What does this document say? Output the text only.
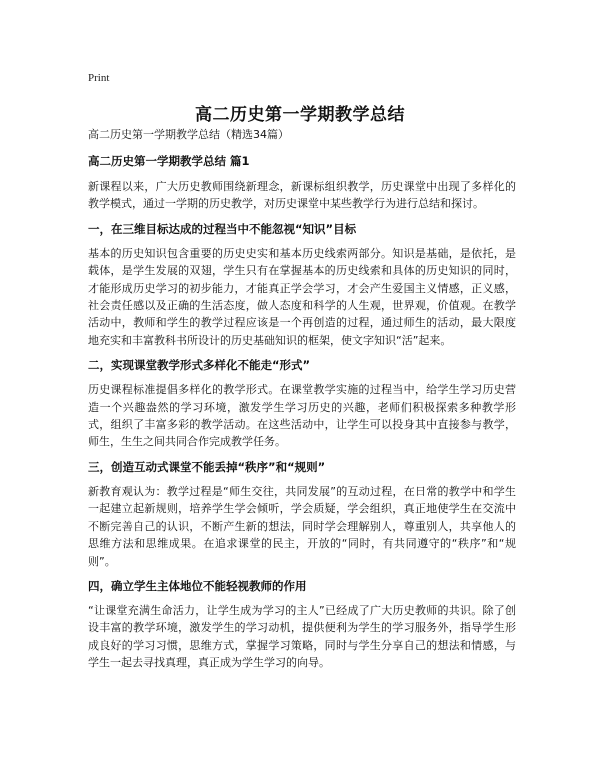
Print
高二历史第一学期教学总结

高二历史第一学期教学总结（精选34篇）

高二历史第一学期教学总结 篇1

新课程以来，广大历史教师围绕新理念，新课标组织教学，历史课堂中出现了多样化的教学模式，通过一学期的历史教学，对历史课堂中某些教学行为进行总结和探讨。

一，在三维目标达成的过程当中不能忽视“知识”目标

基本的历史知识包含重要的历史史实和基本历史线索两部分。知识是基础，是依托，是载体，是学生发展的双翅，学生只有在掌握基本的历史线索和具体的历史知识的同时，才能形成历史学习的初步能力，才能真正学会学习，才会产生爱国主义情感，正义感，社会责任感以及正确的生活态度，做人态度和科学的人生观，世界观，价值观。在教学活动中，教师和学生的教学过程应该是一个再创造的过程，通过师生的活动，最大限度地充实和丰富教科书所设计的历史基础知识的框架，使文字知识“活”起来。

二，实现课堂教学形式多样化不能走“形式”

历史课程标准提倡多样化的教学形式。在课堂教学实施的过程当中，给学生学习历史营造一个兴趣盎然的学习环境，激发学生学习历史的兴趣，老师们积极探索多种教学形式，组织了丰富多彩的教学活动。在这些活动中，让学生可以投身其中直接参与教学，师生，生生之间共同合作完成教学任务。

三，创造互动式课堂不能丢掉“秩序”和“规则”

新教育观认为：教学过程是“师生交往，共同发展”的互动过程，在日常的教学中和学生一起建立起新规则，培养学生学会倾听，学会质疑，学会组织，真正地使学生在交流中不断完善自己的认识，不断产生新的想法，同时学会理解别人，尊重别人，共享他人的思维方法和思维成果。在追求课堂的民主，开放的“同时，有共同遵守的“秩序”和“规则”。

四，确立学生主体地位不能轻视教师的作用

“让课堂充满生命活力，让学生成为学习的主人”已经成了广大历史教师的共识。除了创设丰富的教学环境，激发学生的学习动机，提供便利为学生的学习服务外，指导学生形成良好的学习习惯，思维方式，掌握学习策略，同时与学生分享自己的想法和情感，与学生一起去寻找真理，真正成为学生学习的向导。
